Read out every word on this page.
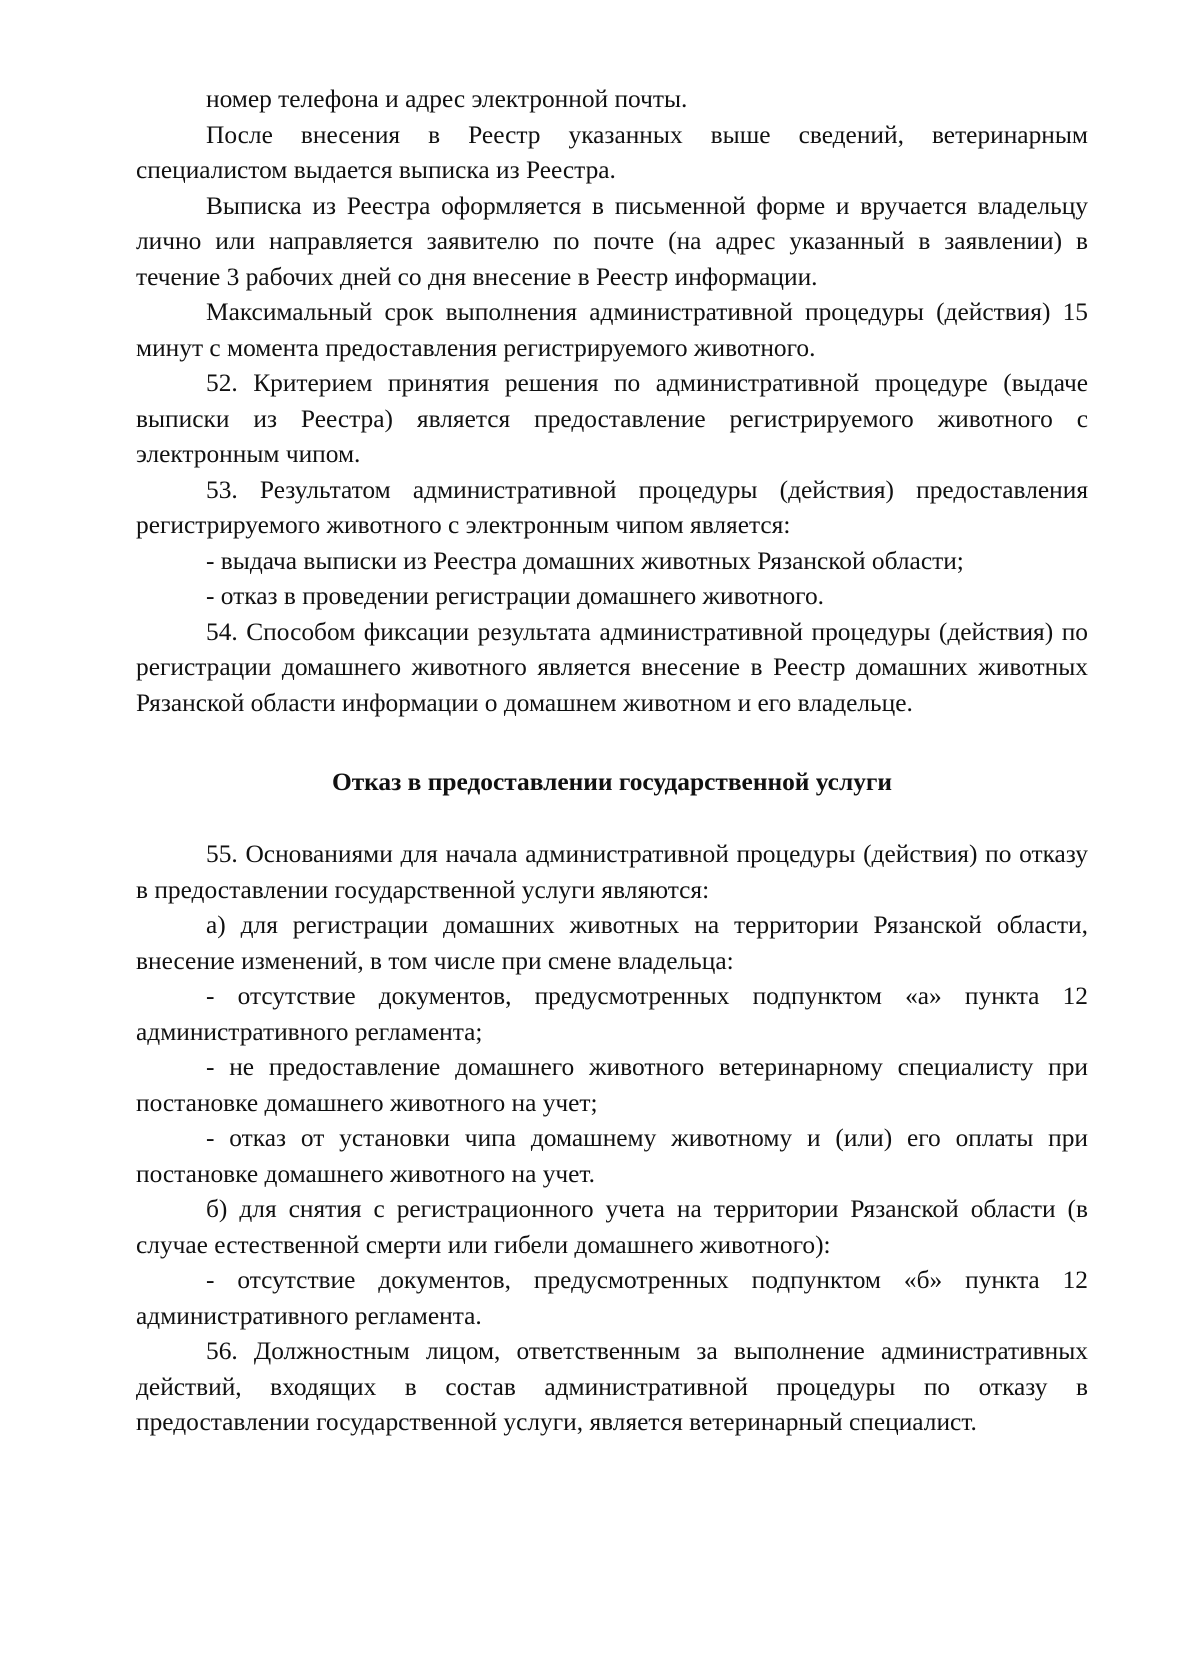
номер телефона и адрес электронной почты.

После внесения в Реестр указанных выше сведений, ветеринарным специалистом выдается выписка из Реестра.

Выписка из Реестра оформляется в письменной форме и вручается владельцу лично или направляется заявителю по почте (на адрес указанный в заявлении) в течение 3 рабочих дней со дня внесение в Реестр информации.

Максимальный срок выполнения административной процедуры (действия) 15 минут с момента предоставления регистрируемого животного.

52. Критерием принятия решения по административной процедуре (выдаче выписки из Реестра) является предоставление регистрируемого животного с электронным чипом.

53. Результатом административной процедуры (действия) предоставления регистрируемого животного с электронным чипом является:

- выдача выписки из Реестра домашних животных Рязанской области;

- отказ в проведении регистрации домашнего животного.

54. Способом фиксации результата административной процедуры (действия) по регистрации домашнего животного является внесение в Реестр домашних животных Рязанской области информации о домашнем животном и его владельце.

Отказ в предоставлении государственной услуги

55. Основаниями для начала административной процедуры (действия) по отказу в предоставлении государственной услуги являются:

а) для регистрации домашних животных на территории Рязанской области, внесение изменений, в том числе при смене владельца:

- отсутствие документов, предусмотренных подпунктом «а» пункта 12 административного регламента;

- не предоставление домашнего животного ветеринарному специалисту при постановке домашнего животного на учет;

- отказ от установки чипа домашнему животному и (или) его оплаты при постановке домашнего животного на учет.

б) для снятия с регистрационного учета на территории Рязанской области (в случае естественной смерти или гибели домашнего животного):

- отсутствие документов, предусмотренных подпунктом «б» пункта 12 административного регламента.

56. Должностным лицом, ответственным за выполнение административных действий, входящих в состав административной процедуры по отказу в предоставлении государственной услуги, является ветеринарный специалист.
